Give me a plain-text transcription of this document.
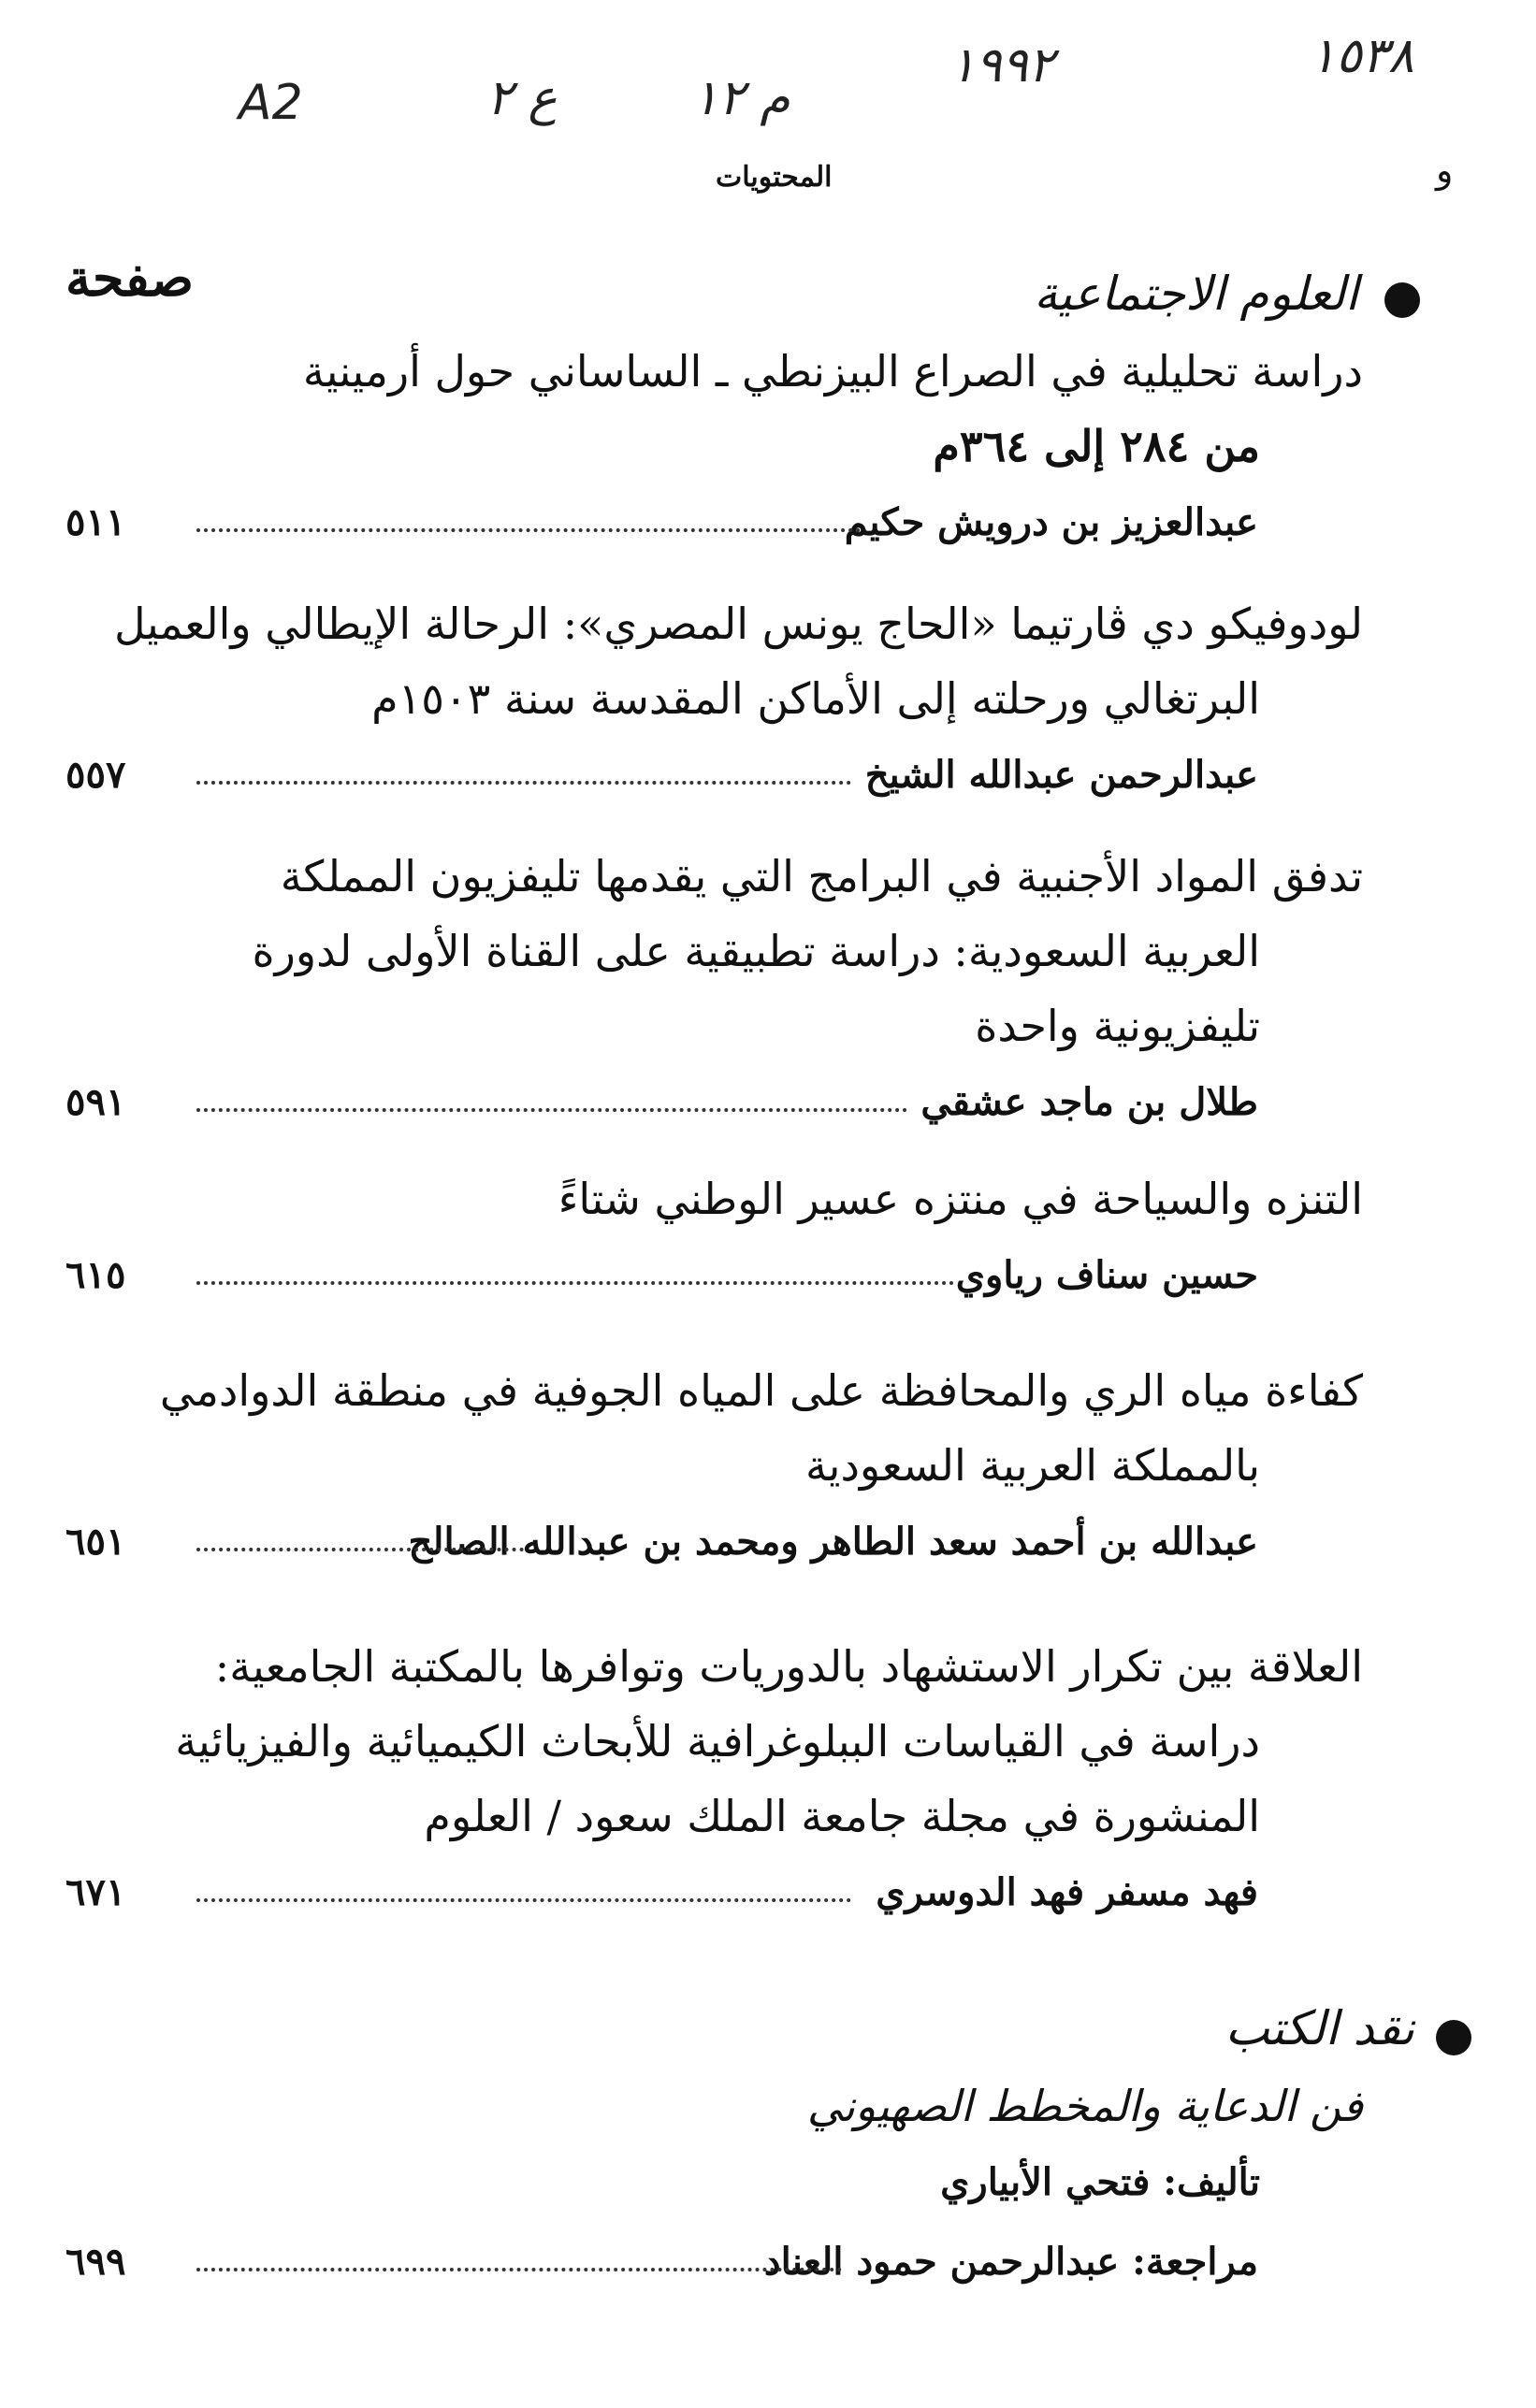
١٥٣٨
١٩٩٢
م ١٢
ع ٢
A2
و
المحتويات
صفحة	العلوم الاجتماعية
دراسة تحليلية في الصراع البيزنطي ـ الساساني حول أرمينية
من ٢٨٤ إلى ٣٦٤م
عبدالعزيز بن درويش حكيم
٥١١
لودوفيكو دي ڤارتيما «الحاج يونس المصري»: الرحالة الإيطالي والعميل
البرتغالي ورحلته إلى الأماكن المقدسة سنة ١٥٠٣م
عبدالرحمن عبدالله الشيخ
٥٥٧
تدفق المواد الأجنبية في البرامج التي يقدمها تليفزيون المملكة
العربية السعودية: دراسة تطبيقية على القناة الأولى لدورة
تليفزيونية واحدة
طلال بن ماجد عشقي
٥٩١
التنزه والسياحة في منتزه عسير الوطني شتاءً
حسين سناف رياوي
٦١٥
كفاءة مياه الري والمحافظة على المياه الجوفية في منطقة الدوادمي
بالمملكة العربية السعودية
عبدالله بن أحمد سعد الطاهر ومحمد بن عبدالله الصالح
٦٥١
العلاقة بين تكرار الاستشهاد بالدوريات وتوافرها بالمكتبة الجامعية:
دراسة في القياسات الببلوغرافية للأبحاث الكيميائية والفيزيائية
المنشورة في مجلة جامعة الملك سعود / العلوم
فهد مسفر فهد الدوسري
٦٧١
نقد الكتب
فن الدعاية والمخطط الصهيوني
تأليف: فتحي الأبياري
مراجعة: عبدالرحمن حمود العناد
٦٩٩
